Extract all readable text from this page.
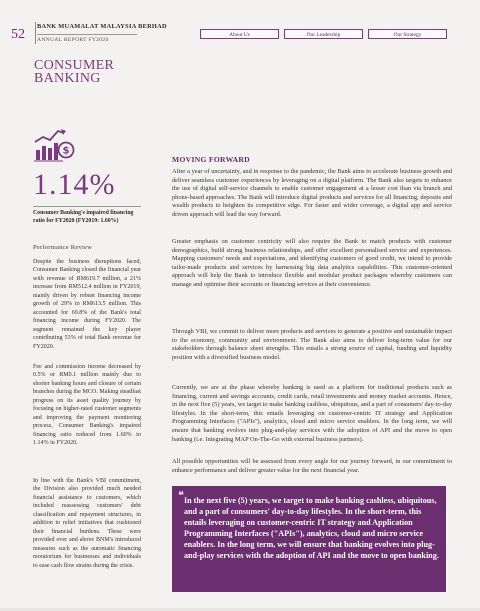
52
BANK MUAMALAT MALAYSIA BERHAD
ANNUAL REPORT FY2020
About Us	Our Leadership	Our Strategy
CONSUMER BANKING
$
1.14%
Consumer Banking's impaired financing ratio for FY2020 (FY2019: 1.60%)
Performance Review
Despite the business disruptions faced, Consumer Banking closed the financial year with revenue of RM619.7 million, a 21% increase from RM512.4 million in FY2019, mainly driven by robust financing income growth of 29% to RM613.5 million. This accounted for 69.8% of the Bank's total financing income during FY2020. The segment remained the key player contributing 53% of total Bank revenue for FY2020.
Fee and commission income decreased by 0.5% or RM0.1 million mainly due to shorter banking hours and closure of certain branches during the MCO. Making steadfast progress on its asset quality journey by focusing on higher-rated customer segments and improving the payment monitoring process, Consumer Banking's impaired financing ratio reduced from 1.60% to 1.14% in FY2020.
In line with the Bank's VBI commitment, the Division also provided much needed financial assistance to customers, which included reassessing customers' debt classification and repayment structures, in addition to relief initiatives that cushioned their financial burdens. These were provided over and above BNM's introduced measures such as the automatic financing moratorium for businesses and individuals to ease cash flow strains during the crisis.
MOVING FORWARD
After a year of uncertainty, and in response to the pandemic, the Bank aims to accelerate business growth and deliver seamless customer experiences by leveraging on a digital platform. The Bank also targets to enhance the use of digital self-service channels to enable customer engagement at a lesser cost than via branch and phone-based approaches. The Bank will introduce digital products and services for all financing, deposits and wealth products to heighten its competitive edge. For faster and wider coverage, a digital app and service driven approach will lead the way forward.
Greater emphasis on customer centricity will also require the Bank to match products with customer demographics, build strong business relationships, and offer excellent personalised service and experiences. Mapping customers' needs and expectations, and identifying customers of good credit, we intend to provide tailor-made products and services by harnessing big data analytics capabilities. This customer-oriented approach will help the Bank to introduce flexible and modular product packages whereby customers can manage and optimise their accounts or financing services at their convenience.
Through VBI, we commit to deliver more products and services to generate a positive and sustainable impact to the economy, community and environment. The Bank also aims to deliver long-term value for our stakeholders through balance sheet strengths. This entails a strong source of capital, funding and liquidity position with a diversified business model.
Currently, we are at the phase whereby banking is used as a platform for traditional products such as financing, current and savings accounts, credit cards, retail investments and money market accounts. Hence, in the next five (5) years, we target to make banking cashless, ubiquitous, and a part of consumers' day-to-day lifestyles. In the short-term, this entails leveraging on customer-centric IT strategy and Application Programming Interfaces ("APIs"), analytics, cloud and micro service enablers. In the long term, we will ensure that banking evolves into plug-and-play services with the adoption of API and the move to open banking (i.e. Integrating MAP On-The-Go with external business partners).
All possible opportunities will be assessed from every angle for our journey forward, in our commitment to enhance performance and deliver greater value for the next financial year.
❝ In the next five (5) years, we target to make banking cashless, ubiquitous, and a part of consumers' day-to-day lifestyles. In the short-term, this entails leveraging on customer-centric IT strategy and Application Programming Interfaces ("APIs"), analytics, cloud and micro service enablers. In the long term, we will ensure that banking evolves into plug-and-play services with the adoption of API and the move to open banking.
